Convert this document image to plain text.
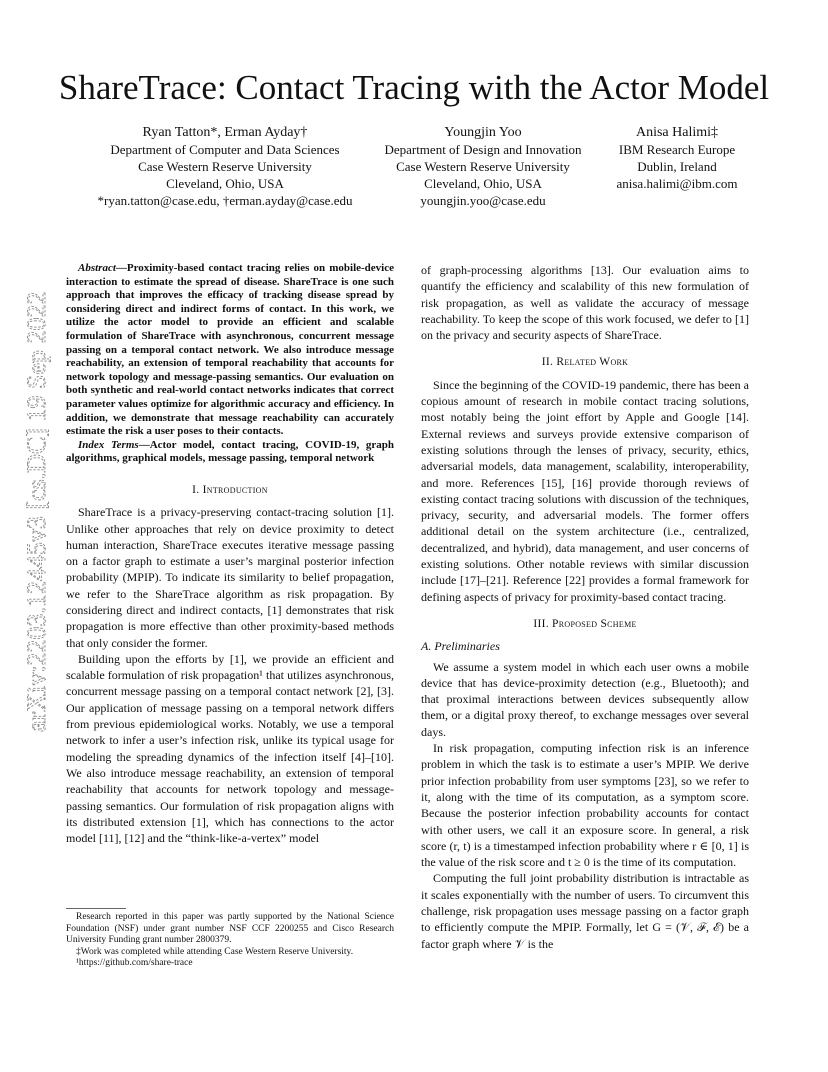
ShareTrace: Contact Tracing with the Actor Model
Ryan Tatton*, Erman Ayday†
Department of Computer and Data Sciences
Case Western Reserve University
Cleveland, Ohio, USA
*ryan.tatton@case.edu, †erman.ayday@case.edu
Youngjin Yoo
Department of Design and Innovation
Case Western Reserve University
Cleveland, Ohio, USA
youngjin.yoo@case.edu
Anisa Halimi‡
IBM Research Europe
Dublin, Ireland
anisa.halimi@ibm.com
arXiv:2203.12445v3 [cs.DC] 19 Sep 2022

Abstract—Proximity-based contact tracing relies on mobile-device interaction to estimate the spread of disease. ShareTrace is one such approach that improves the efficacy of tracking disease spread by considering direct and indirect forms of contact. In this work, we utilize the actor model to provide an efficient and scalable formulation of ShareTrace with asynchronous, concurrent message passing on a temporal contact network. We also introduce message reachability, an extension of temporal reachability that accounts for network topology and message-passing semantics. Our evaluation on both synthetic and real-world contact networks indicates that correct parameter values optimize for algorithmic accuracy and efficiency. In addition, we demonstrate that message reachability can accurately estimate the risk a user poses to their contacts.

Index Terms—Actor model, contact tracing, COVID-19, graph algorithms, graphical models, message passing, temporal network

I. Introduction

ShareTrace is a privacy-preserving contact-tracing solution [1]. Unlike other approaches that rely on device proximity to detect human interaction, ShareTrace executes iterative message passing on a factor graph to estimate a user’s marginal posterior infection probability (MPIP). To indicate its similarity to belief propagation, we refer to the ShareTrace algorithm as risk propagation. By considering direct and indirect contacts, [1] demonstrates that risk propagation is more effective than other proximity-based methods that only consider the former.

Building upon the efforts by [1], we provide an efficient and scalable formulation of risk propagation¹ that utilizes asynchronous, concurrent message passing on a temporal contact network [2], [3]. Our application of message passing on a temporal network differs from previous epidemiological works. Notably, we use a temporal network to infer a user’s infection risk, unlike its typical usage for modeling the spreading dynamics of the infection itself [4]–[10]. We also introduce message reachability, an extension of temporal reachability that accounts for network topology and message-passing semantics. Our formulation of risk propagation aligns with its distributed extension [1], which has connections to the actor model [11], [12] and the “think-like-a-vertex” model

of graph-processing algorithms [13]. Our evaluation aims to quantify the efficiency and scalability of this new formulation of risk propagation, as well as validate the accuracy of message reachability. To keep the scope of this work focused, we defer to [1] on the privacy and security aspects of ShareTrace.

II. Related Work

Since the beginning of the COVID-19 pandemic, there has been a copious amount of research in mobile contact tracing solutions, most notably being the joint effort by Apple and Google [14]. External reviews and surveys provide extensive comparison of existing solutions through the lenses of privacy, security, ethics, adversarial models, data management, scalability, interoperability, and more. References [15], [16] provide thorough reviews of existing contact tracing solutions with discussion of the techniques, privacy, security, and adversarial models. The former offers additional detail on the system architecture (i.e., centralized, decentralized, and hybrid), data management, and user concerns of existing solutions. Other notable reviews with similar discussion include [17]–[21]. Reference [22] provides a formal framework for defining aspects of privacy for proximity-based contact tracing.

III. Proposed Scheme
A. Preliminaries

We assume a system model in which each user owns a mobile device that has device-proximity detection (e.g., Bluetooth); and that proximal interactions between devices subsequently allow them, or a digital proxy thereof, to exchange messages over several days.

In risk propagation, computing infection risk is an inference problem in which the task is to estimate a user’s MPIP. We derive prior infection probability from user symptoms [23], so we refer to it, along with the time of its computation, as a symptom score. Because the posterior infection probability accounts for contact with other users, we call it an exposure score. In general, a risk score (r, t) is a timestamped infection probability where r ∈ [0, 1] is the value of the risk score and t ≥ 0 is the time of its computation.

Computing the full joint probability distribution is intractable as it scales exponentially with the number of users. To circumvent this challenge, risk propagation uses message passing on a factor graph to efficiently compute the MPIP. Formally, let G = (𝒱, ℱ, ℰ) be a factor graph where 𝒱 is the

Research reported in this paper was partly supported by the National Science Foundation (NSF) under grant number NSF CCF 2200255 and Cisco Research University Funding grant number 2800379.

‡Work was completed while attending Case Western Reserve University.

¹https://github.com/share-trace
